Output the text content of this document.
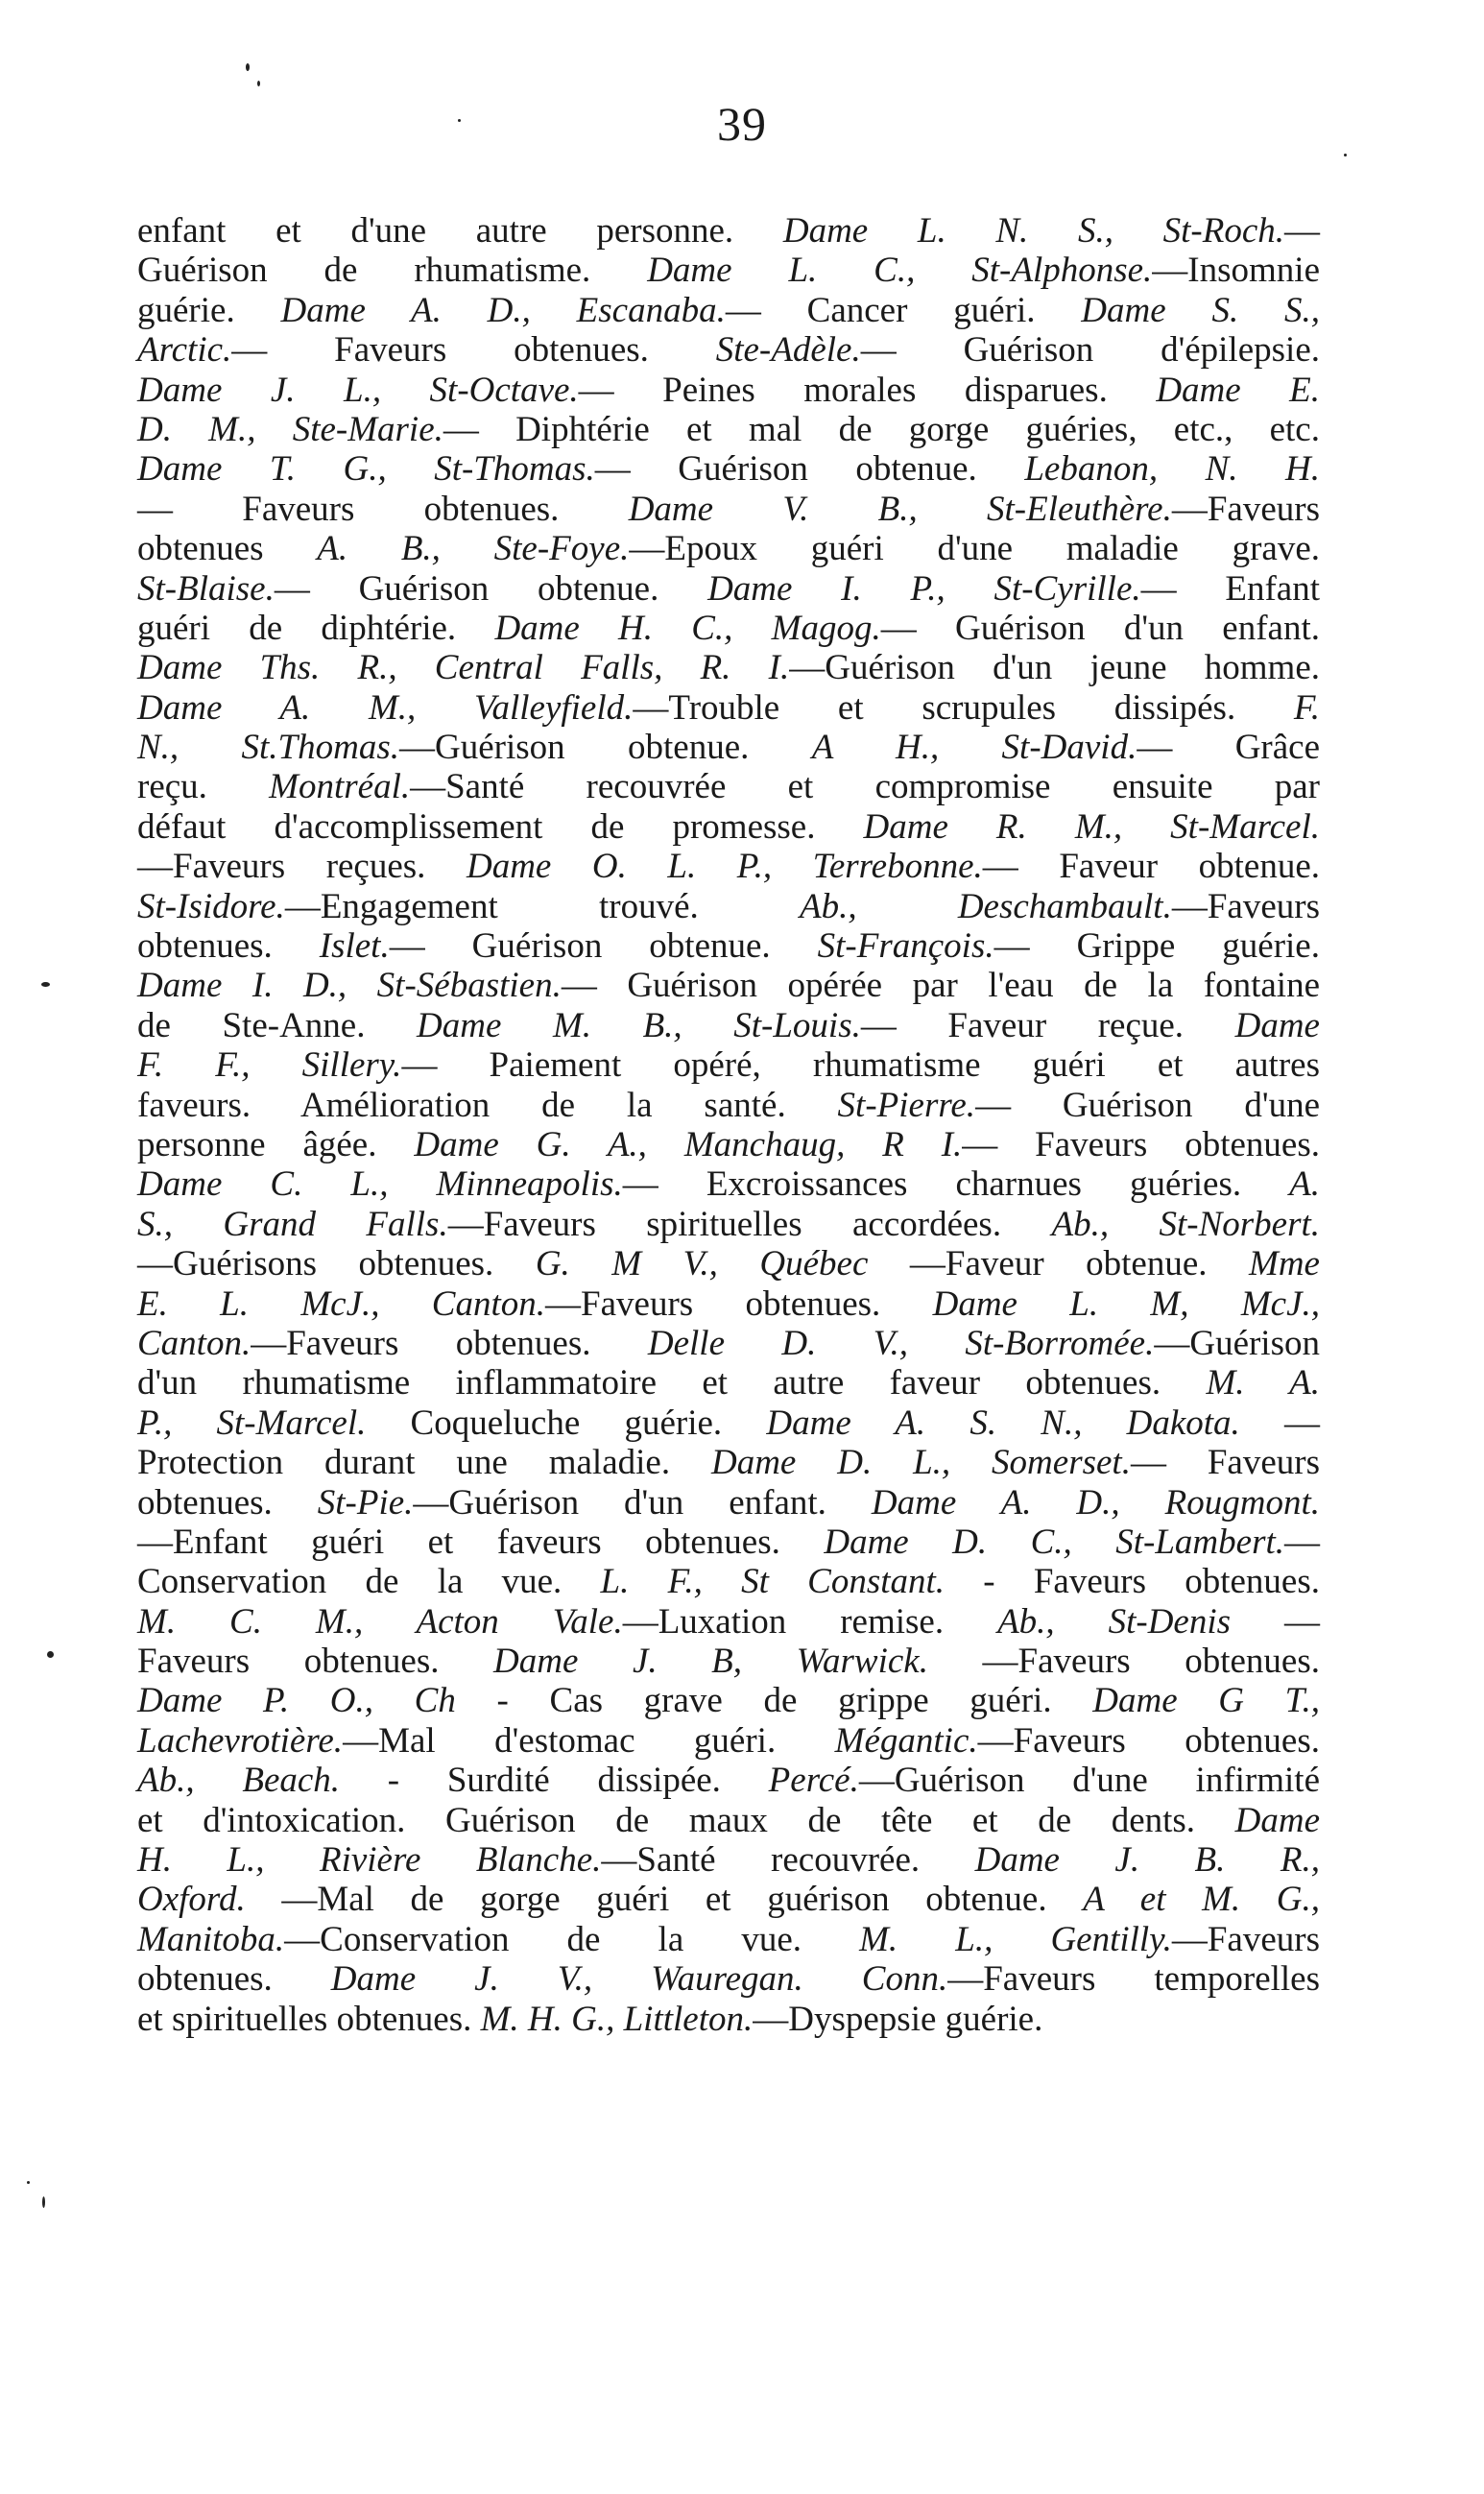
39
enfant et d'une autre personne. Dame L. N. S., St-Roch.—
Guérison de rhumatisme. Dame L. C., St-Alphonse.—Insomnie
guérie. Dame A. D., Escanaba.— Cancer guéri. Dame S. S.,
Arctic.— Faveurs obtenues. Ste-Adèle.— Guérison d'épilepsie.
Dame J. L., St-Octave.— Peines morales disparues. Dame E.
D. M., Ste-Marie.— Diphtérie et mal de gorge guéries, etc., etc.
Dame T. G., St-Thomas.— Guérison obtenue. Lebanon, N. H.
— Faveurs obtenues. Dame V. B., St-Eleuthère.—Faveurs
obtenues A. B., Ste-Foye.—Epoux guéri d'une maladie grave.
St-Blaise.— Guérison obtenue. Dame I. P., St-Cyrille.— Enfant
guéri de diphtérie. Dame H. C., Magog.— Guérison d'un enfant.
Dame Ths. R., Central Falls, R. I.—Guérison d'un jeune homme.
Dame A. M., Valleyfield.—Trouble et scrupules dissipés. F.
N., St.Thomas.—Guérison obtenue. A H., St-David.— Grâce
reçu. Montréal.—Santé recouvrée et compromise ensuite par
défaut d'accomplissement de promesse. Dame R. M., St-Marcel.
—Faveurs reçues. Dame O. L. P., Terrebonne.— Faveur obtenue.
St-Isidore.—Engagement trouvé. Ab., Deschambault.—Faveurs
obtenues. Islet.— Guérison obtenue. St-François.— Grippe guérie.
Dame I. D., St-Sébastien.— Guérison opérée par l'eau de la fontaine
de Ste-Anne. Dame M. B., St-Louis.— Faveur reçue. Dame
F. F., Sillery.— Paiement opéré, rhumatisme guéri et autres
faveurs. Amélioration de la santé. St-Pierre.— Guérison d'une
personne âgée. Dame G. A., Manchaug, R I.— Faveurs obtenues.
Dame C. L., Minneapolis.— Excroissances charnues guéries. A.
S., Grand Falls.—Faveurs spirituelles accordées. Ab., St-Norbert.
—Guérisons obtenues. G. M V., Québec —Faveur obtenue. Mme
E. L. McJ., Canton.—Faveurs obtenues. Dame L. M, McJ.,
Canton.—Faveurs obtenues. Delle D. V., St-Borromée.—Guérison
d'un rhumatisme inflammatoire et autre faveur obtenues. M. A.
P., St-Marcel. Coqueluche guérie. Dame A. S. N., Dakota. —
Protection durant une maladie. Dame D. L., Somerset.— Faveurs
obtenues. St-Pie.—Guérison d'un enfant. Dame A. D., Rougmont.
—Enfant guéri et faveurs obtenues. Dame D. C., St-Lambert.—
Conservation de la vue. L. F., St Constant. - Faveurs obtenues.
M. C. M., Acton Vale.—Luxation remise. Ab., St-Denis —
Faveurs obtenues. Dame J. B, Warwick. —Faveurs obtenues.
Dame P. O., Ch - Cas grave de grippe guéri. Dame G T.,
Lachevrotière.—Mal d'estomac guéri. Mégantic.—Faveurs obtenues.
Ab., Beach. - Surdité dissipée. Percé.—Guérison d'une infirmité
et d'intoxication. Guérison de maux de tête et de dents. Dame
H. L., Rivière Blanche.—Santé recouvrée. Dame J. B. R.,
Oxford. —Mal de gorge guéri et guérison obtenue. A et M. G.,
Manitoba.—Conservation de la vue. M. L., Gentilly.—Faveurs
obtenues. Dame J. V., Wauregan. Conn.—Faveurs temporelles
et spirituelles obtenues. M. H. G., Littleton.—Dyspepsie guérie.
